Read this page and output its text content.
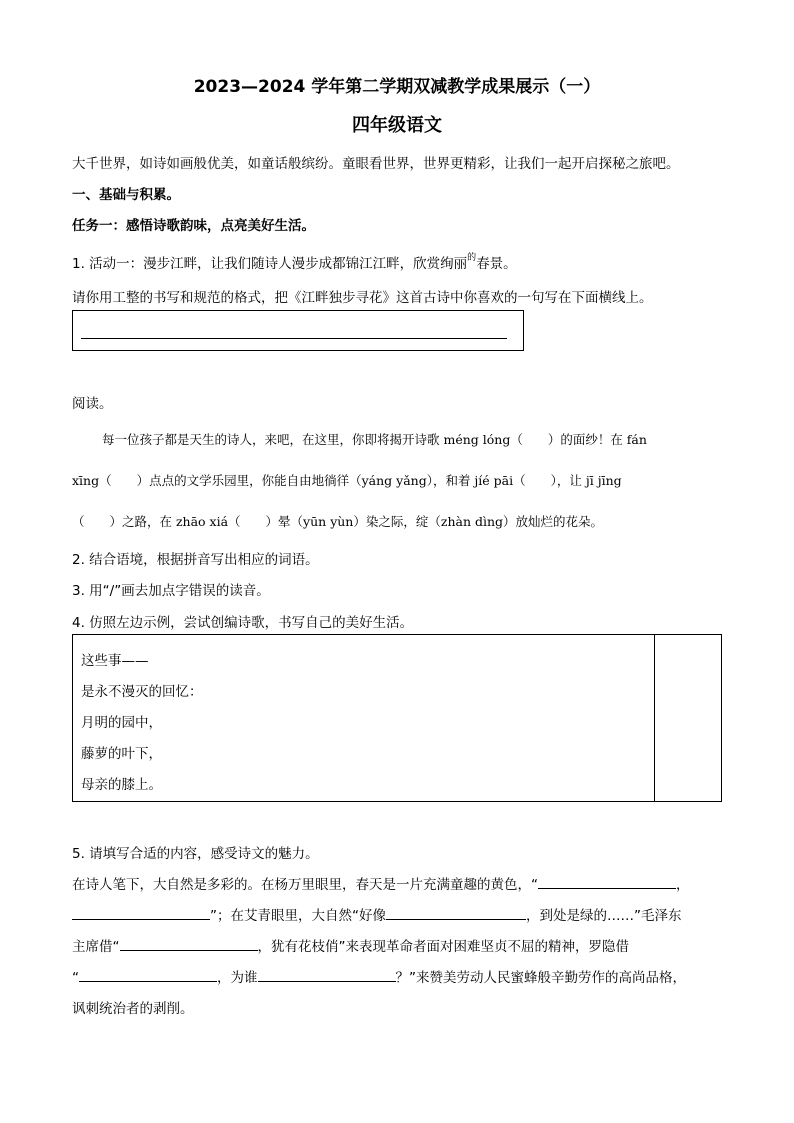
2023—2024 学年第二学期双减教学成果展示（一）
四年级语文
大千世界，如诗如画般优美，如童话般缤纷。童眼看世界，世界更精彩，让我们一起开启探秘之旅吧。
一、基础与积累。
任务一：感悟诗歌韵味，点亮美好生活。
1. 活动一：漫步江畔，让我们随诗人漫步成都锦江江畔，欣赏绚丽$^的$春景。
请你用工整的书写和规范的格式，把《江畔独步寻花》这首古诗中你喜欢的一句写在下面横线上。
阅读。
每一位孩子都是天生的诗人，来吧，在这里，你即将揭开诗歌 méng lóng（　　）的面纱！在 fán
xīng（　　）点点的文学乐园里，你能自由地徜徉（yáng yǎng），和着 jíé pāi（　　），让 jī jīng
（　　）之路，在 zhāo xiá（　　）晕（yūn yùn）染之际，绽（zhàn dìng）放灿烂的花朵。
2. 结合语境，根据拼音写出相应的词语。
3. 用“/”画去加点字错误的读音。
4. 仿照左边示例，尝试创编诗歌，书写自己的美好生活。
这些事——
是永不漫灭的回忆：
月明的园中，
藤萝的叶下，
母亲的膝上。
5. 请填写合适的内容，感受诗文的魅力。
在诗人笔下，大自然是多彩的。在杨万里眼里，春天是一片充满童趣的黄色，“	，
”；在艾青眼里，大自然“好像	，到处是绿的……”毛泽东
主席借“	，犹有花枝俏”来表现革命者面对困难坚贞不屈的精神，罗隐借
“	，为谁	？”来赞美劳动人民蜜蜂般辛勤劳作的高尚品格，
讽刺统治者的剥削。
